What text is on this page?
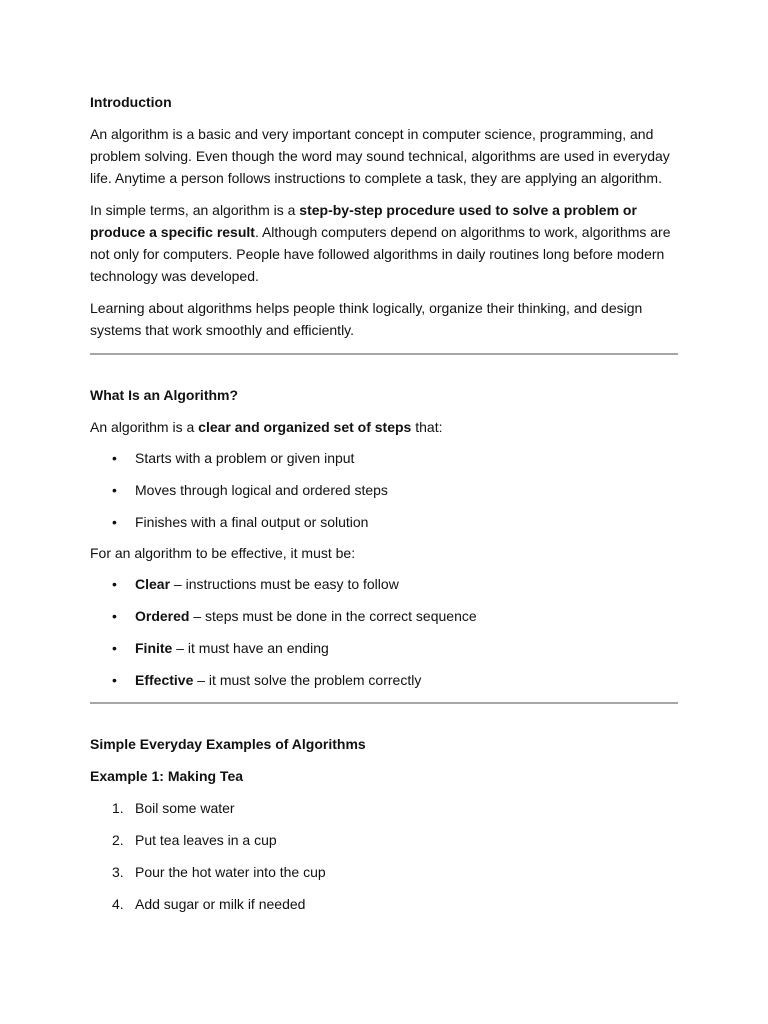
Introduction

An algorithm is a basic and very important concept in computer science, programming, and problem solving. Even though the word may sound technical, algorithms are used in everyday life. Anytime a person follows instructions to complete a task, they are applying an algorithm.

In simple terms, an algorithm is a step-by-step procedure used to solve a problem or produce a specific result. Although computers depend on algorithms to work, algorithms are not only for computers. People have followed algorithms in daily routines long before modern technology was developed.

Learning about algorithms helps people think logically, organize their thinking, and design systems that work smoothly and efficiently.

What Is an Algorithm?

An algorithm is a clear and organized set of steps that:

• Starts with a problem or given input
• Moves through logical and ordered steps
• Finishes with a final output or solution

For an algorithm to be effective, it must be:

• Clear – instructions must be easy to follow
• Ordered – steps must be done in the correct sequence
• Finite – it must have an ending
• Effective – it must solve the problem correctly
Simple Everyday Examples of Algorithms
Example 1: Making Tea
1. Boil some water
2. Put tea leaves in a cup
3. Pour the hot water into the cup
4. Add sugar or milk if needed
